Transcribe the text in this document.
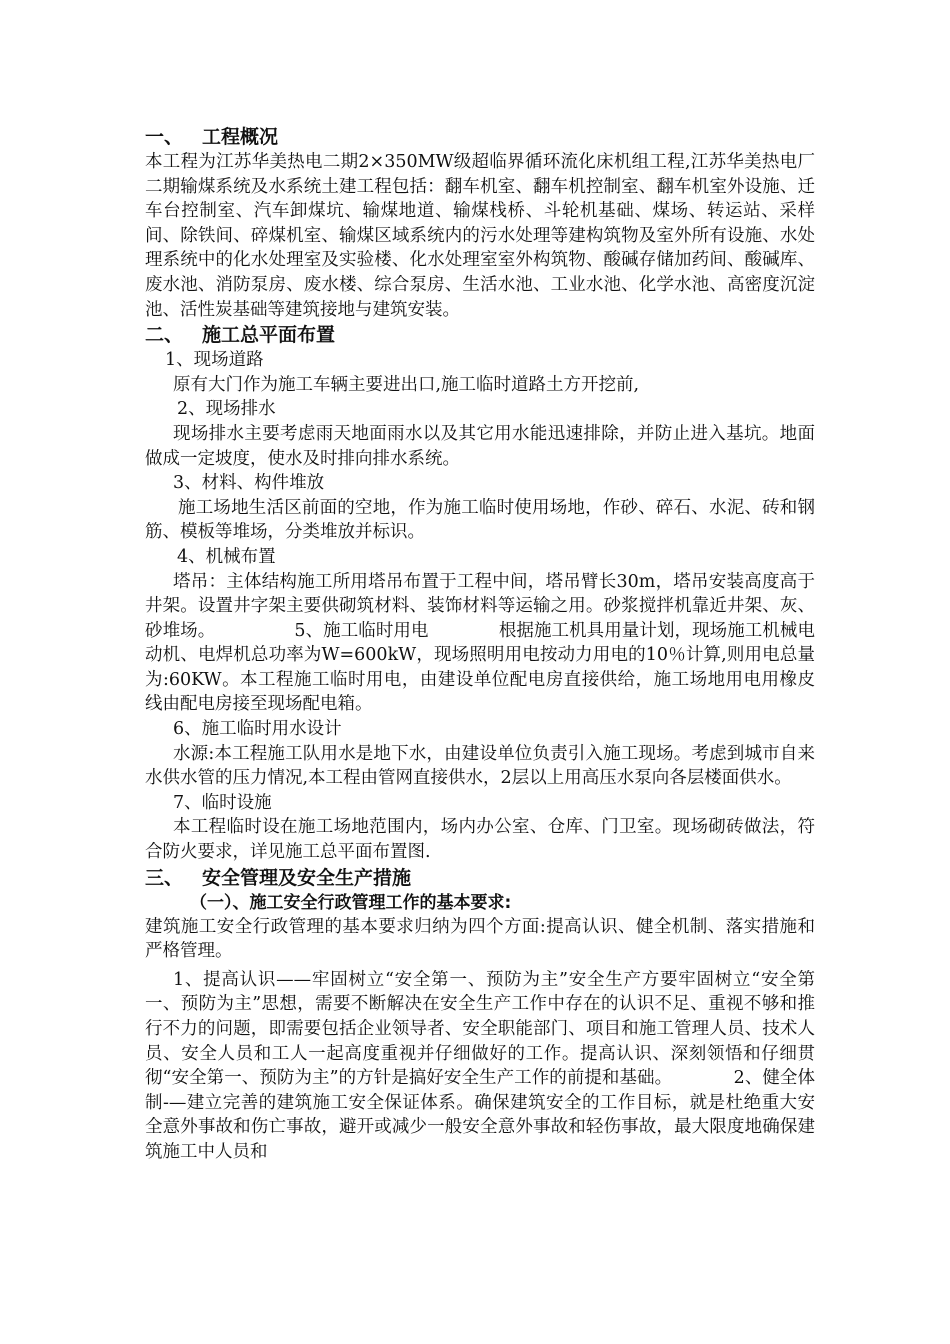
一、 工程概况

本工程为江苏华美热电二期2×350MW级超临界循环流化床机组工程,江苏华美热电厂二期输煤系统及水系统土建工程包括：翻车机室、翻车机控制室、翻车机室外设施、迁车台控制室、汽车卸煤坑、输煤地道、输煤栈桥、斗轮机基础、煤场、转运站、采样间、除铁间、碎煤机室、输煤区域系统内的污水处理等建构筑物及室外所有设施、水处理系统中的化水处理室及实验楼、化水处理室室外构筑物、酸碱存储加药间、酸碱库、废水池、消防泵房、废水楼、综合泵房、生活水池、工业水池、化学水池、高密度沉淀池、活性炭基础等建筑接地与建筑安装。

二、 施工总平面布置

1、现场道路

原有大门作为施工车辆主要进出口,施工临时道路土方开挖前,

2、现场排水

现场排水主要考虑雨天地面雨水以及其它用水能迅速排除，并防止进入基坑。地面做成一定坡度，使水及时排向排水系统。

3、材料、构件堆放

施工场地生活区前面的空地，作为施工临时使用场地，作砂、碎石、水泥、砖和钢筋、模板等堆场，分类堆放并标识。

4、机械布置

塔吊：主体结构施工所用塔吊布置于工程中间，塔吊臂长30m，塔吊安装高度高于井架。设置井字架主要供砌筑材料、装饰材料等运输之用。砂浆搅拌机靠近井架、灰、砂堆场。　　　　　5、施工临时用电　　　　根据施工机具用量计划，现场施工机械电动机、电焊机总功率为W=600kW，现场照明用电按动力用电的10％计算,则用电总量为:60KW。本工程施工临时用电，由建设单位配电房直接供给，施工场地用电用橡皮线由配电房接至现场配电箱。

6、施工临时用水设计

水源:本工程施工队用水是地下水，由建设单位负责引入施工现场。考虑到城市自来水供水管的压力情况,本工程由管网直接供水，2层以上用高压水泵向各层楼面供水。

7、临时设施

本工程临时设在施工场地范围内，场内办公室、仓库、门卫室。现场砌砖做法，符合防火要求，详见施工总平面布置图.

三、 安全管理及安全生产措施

（一）、施工安全行政管理工作的基本要求:

建筑施工安全行政管理的基本要求归纳为四个方面:提高认识、健全机制、落实措施和严格管理。

1、提高认识——牢固树立“安全第一、预防为主”安全生产方要牢固树立“安全第一、预防为主”思想，需要不断解决在安全生产工作中存在的认识不足、重视不够和推行不力的问题，即需要包括企业领导者、安全职能部门、项目和施工管理人员、技术人员、安全人员和工人一起高度重视并仔细做好的工作。提高认识、深刻领悟和仔细贯彻“安全第一、预防为主”的方针是搞好安全生产工作的前提和基础。　　　　2、健全体制-—建立完善的建筑施工安全保证体系。确保建筑安全的工作目标，就是杜绝重大安全意外事故和伤亡事故，避开或减少一般安全意外事故和轻伤事故，最大限度地确保建筑施工中人员和
